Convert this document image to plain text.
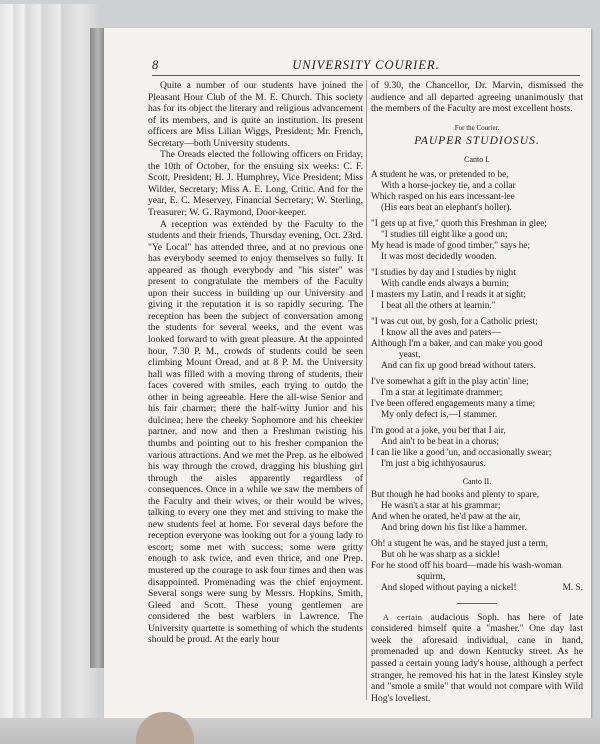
8	UNIVERSITY COURIER.

Quite a number of our students have joined the Pleasant Hour Club of the M. E. Church. This society has for its object the literary and religious advancement of its members, and is quite an institution. Its present officers are Miss Lilian Wiggs, President; Mr. French, Secretary—both University students.

The Oreads elected the following officers on Friday, the 10th of October, for the ensuing six weeks: C. F. Scott, President; H. J. Humphrey, Vice President; Miss Wilder, Secretary; Miss A. E. Long, Critic. And for the year, E. C. Meservey, Financial Secretary; W. Sterling, Treasurer; W. G. Raymond, Door-keeper.

A reception was extended by the Faculty to the students and their friends, Thursday evening, Oct. 23rd. "Ye Local" has attended three, and at no previous one has everybody seemed to enjoy themselves so fully. It appeared as though everybody and "his sister" was present to congratulate the members of the Faculty upon their success in building up our University and giving it the reputation it is so rapidly securing. The reception has been the subject of conversation among the students for several weeks, and the event was looked forward to with great pleasure. At the appointed hour, 7.30 P. M., crowds of students could be seen climbing Mount Oread, and at 8 P. M. the University hall was filled with a moving throng of students, their faces covered with smiles, each trying to outdo the other in being agreeable. Here the all-wise Senior and his fair charmer; there the half-witty Junior and his dulcinea; here the cheeky Sophomore and his cheekier partner, and now and then a Freshman twisting his thumbs and pointing out to his fresher companion the various attractions. And we met the Prep. as he elbowed his way through the crowd, dragging his blushing girl through the aisles apparently regardless of consequences. Once in a while we saw the members of the Faculty and their wives, or their would be wives, talking to every one they met and striving to make the new students feel at home. For several days before the reception everyone was looking out for a young lady to escort; some met with success; some were gritty enough to ask twice, and even thrice, and one Prep. mustered up the courage to ask four times and then was disappointed. Promenading was the chief enjoyment. Several songs were sung by Messrs. Hopkins, Smith, Gleed and Scott. These young gentlemen are considered the best warblers in Lawrence. The University quartette is something of which the students should be proud. At the early hour

of 9.30, the Chancellor, Dr. Marvin, dismissed the audience and all departed agreeing unanimously that the members of the Faculty are most excellent hosts.

For the Courier.
PAUPER STUDIOSUS.
Canto I.
A student he was, or pretended to be,
With a horse-jockey tie, and a collar
Which rasped on his ears incessant-lee
(His ears beat an elephant's holler).
"I gets up at five," quoth this Freshman in glee;
"I studies till eight like a good un;
My head is made of good timber," says he;
It was most decidedly wooden.
"I studies by day and I studies by night
With candle ends always a burnin;
I masters my Latin, and I reads it at sight;
I beat all the others at learnin."
"I was cut out, by gosh, for a Catholic priest;
I know all the aves and paters—
Although I'm a baker, and can make you good
yeast,
And can fix up good bread without taters.
I've somewhat a gift in the play actin' line;
I'm a star at legitimate drammer;
I've been offered engagements many a time;
My only defect is,—I stammer.
I'm good at a joke, you bet that I air,
And ain't to be beat in a chorus;
I can lie like a good 'un, and occasionally swear;
I'm just a big ichthyosaurus.
Canto II.
But though he had books and plenty to spare,
He wasn't a star at his grammar;
And when he orated, he'd paw at the air,
And bring down his fist like a hammer.
Oh! a stugent he was, and he stayed just a term,
But oh he was sharp as a sickle!
For he stood off his board—made his wash-woman
squirm,
And sloped without paying a nickel!	M. S.

A certain audacious Soph. has here of late considered himself quite a "masher." One day last week the aforesaid individual, cane in hand, promenaded up and down Kentucky street. As he passed a certain young lady's house, although a perfect stranger, he removed his hat in the latest Kinsley style and "smole a smile" that would not compare with Wild Hog's loveliest.
